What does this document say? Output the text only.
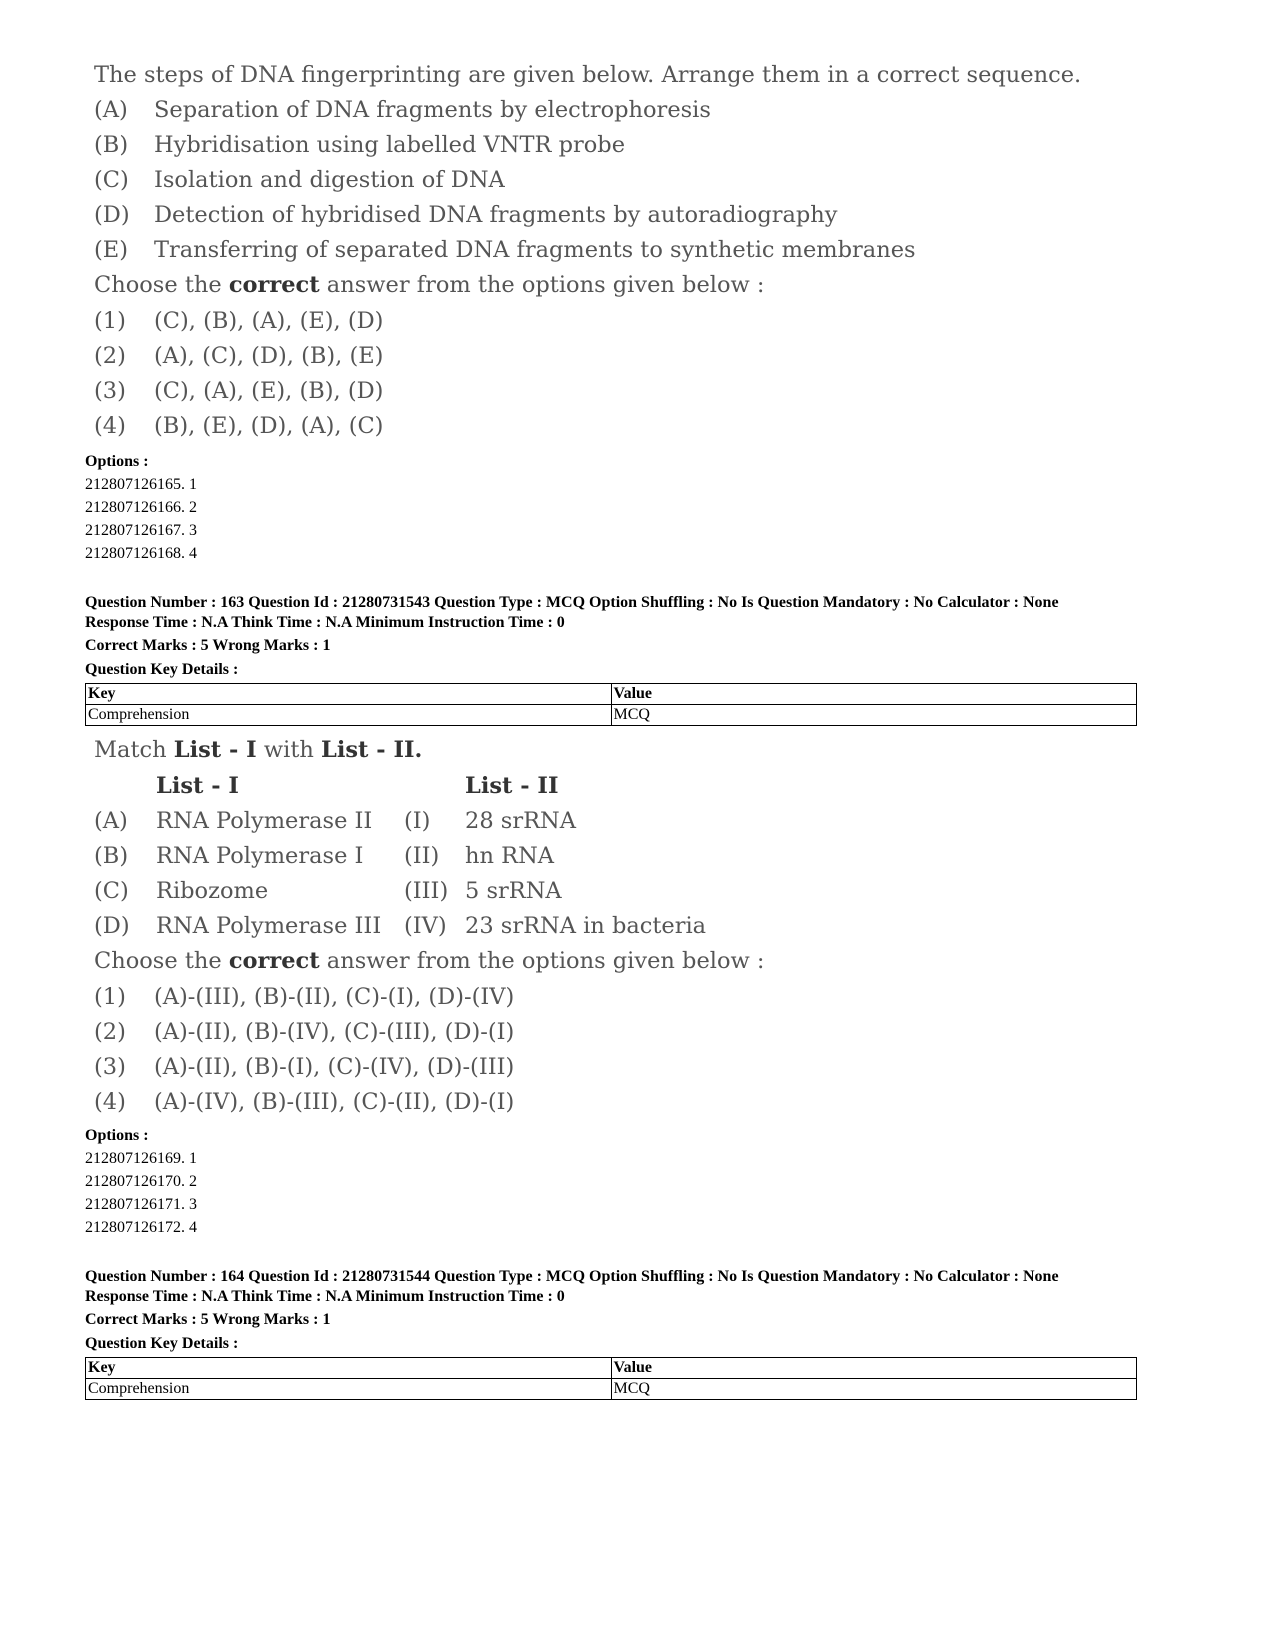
The steps of DNA fingerprinting are given below. Arrange them in a correct sequence.
(A) Separation of DNA fragments by electrophoresis
(B) Hybridisation using labelled VNTR probe
(C) Isolation and digestion of DNA
(D) Detection of hybridised DNA fragments by autoradiography
(E) Transferring of separated DNA fragments to synthetic membranes
Choose the correct answer from the options given below :
(1) (C), (B), (A), (E), (D)
(2) (A), (C), (D), (B), (E)
(3) (C), (A), (E), (B), (D)
(4) (B), (E), (D), (A), (C)
Options :
212807126165. 1
212807126166. 2
212807126167. 3
212807126168. 4
Question Number : 163 Question Id : 21280731543 Question Type : MCQ Option Shuffling : No Is Question Mandatory : No Calculator : None
Response Time : N.A Think Time : N.A Minimum Instruction Time : 0
Correct Marks : 5 Wrong Marks : 1
Question Key Details :
Key	Value
Comprehension	MCQ
Match List - I with List - II.
List - I	List - II
(A) RNA Polymerase II (I) 28 srRNA
(B) RNA Polymerase I (II) hn RNA
(C) Ribozome	(III) 5 srRNA
(D) RNA Polymerase III (IV) 23 srRNA in bacteria
Choose the correct answer from the options given below :
(1) (A)-(III), (B)-(II), (C)-(I), (D)-(IV)
(2) (A)-(II), (B)-(IV), (C)-(III), (D)-(I)
(3) (A)-(II), (B)-(I), (C)-(IV), (D)-(III)
(4) (A)-(IV), (B)-(III), (C)-(II), (D)-(I)
Options :
212807126169. 1
212807126170. 2
212807126171. 3
212807126172. 4
Question Number : 164 Question Id : 21280731544 Question Type : MCQ Option Shuffling : No Is Question Mandatory : No Calculator : None
Response Time : N.A Think Time : N.A Minimum Instruction Time : 0
Correct Marks : 5 Wrong Marks : 1
Question Key Details :
Key	Value
Comprehension	MCQ
